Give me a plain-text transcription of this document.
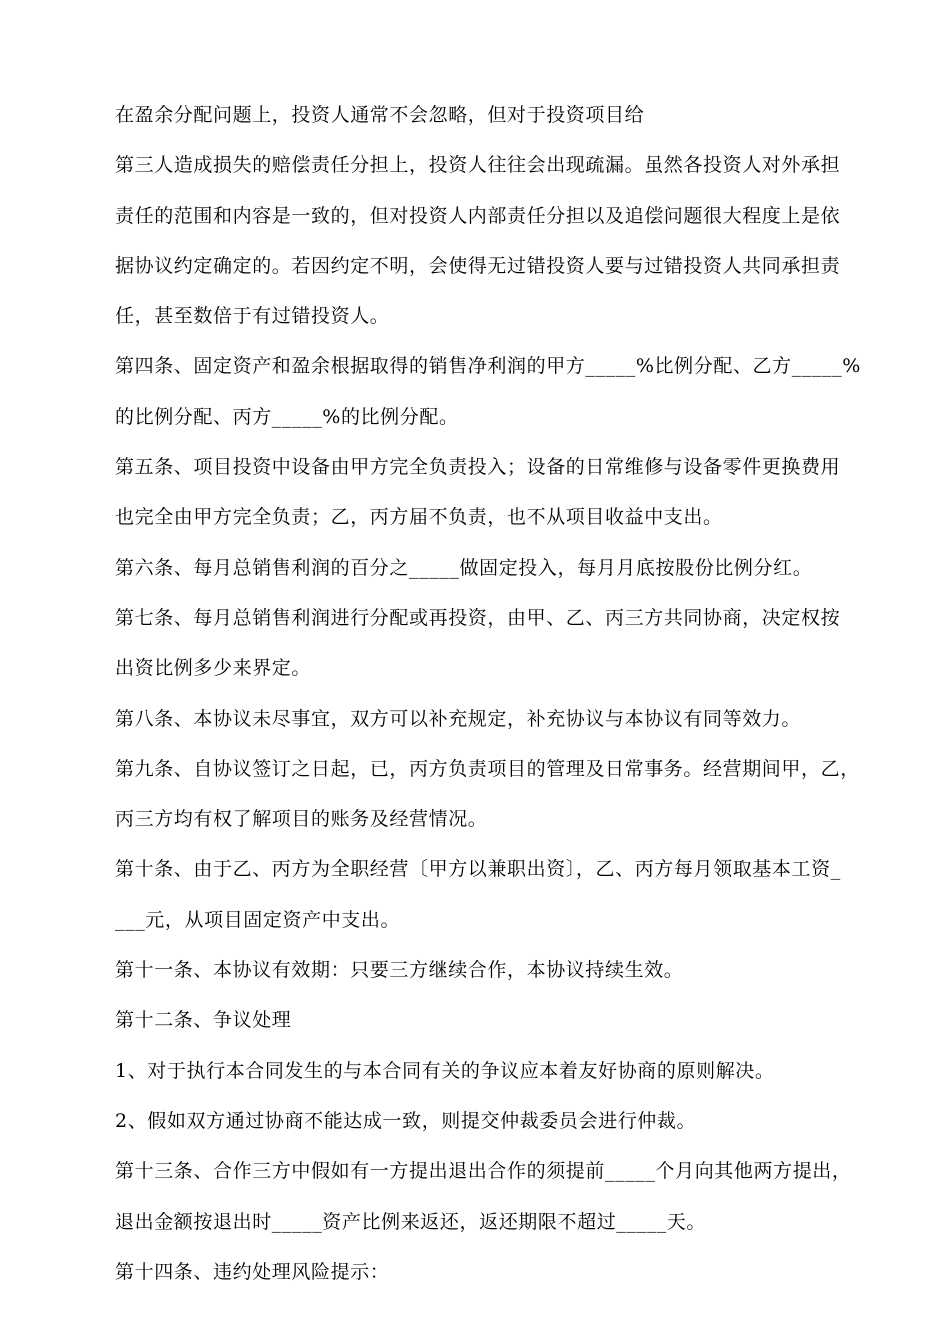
在盈余分配问题上，投资人通常不会忽略，但对于投资项目给
第三人造成损失的赔偿责任分担上，投资人往往会出现疏漏。虽然各投资人对外承担
责任的范围和内容是一致的，但对投资人内部责任分担以及追偿问题很大程度上是依
据协议约定确定的。若因约定不明，会使得无过错投资人要与过错投资人共同承担责
任，甚至数倍于有过错投资人。
第四条、固定资产和盈余根据取得的销售净利润的甲方_____%比例分配、乙方_____%
的比例分配、丙方_____%的比例分配。
第五条、项目投资中设备由甲方完全负责投入；设备的日常维修与设备零件更换费用
也完全由甲方完全负责；乙，丙方届不负责，也不从项目收益中支出。
第六条、每月总销售利润的百分之_____做固定投入，每月月底按股份比例分红。
第七条、每月总销售利润进行分配或再投资，由甲、乙、丙三方共同协商，决定权按
出资比例多少来界定。
第八条、本协议未尽事宜，双方可以补充规定，补充协议与本协议有同等效力。
第九条、自协议签订之日起，已，丙方负责项目的管理及日常事务。经营期间甲，乙，
丙三方均有权了解项目的账务及经营情况。
第十条、由于乙、丙方为全职经营〔甲方以兼职出资〕，乙、丙方每月领取基本工资_
___元，从项目固定资产中支出。
第十一条、本协议有效期：只要三方继续合作，本协议持续生效。
第十二条、争议处理
1、对于执行本合同发生的与本合同有关的争议应本着友好协商的原则解决。
2、假如双方通过协商不能达成一致，则提交仲裁委员会进行仲裁。
第十三条、合作三方中假如有一方提出退出合作的须提前_____个月向其他两方提出，
退出金额按退出时_____资产比例来返还，返还期限不超过_____天。
第十四条、违约处理风险提示：
